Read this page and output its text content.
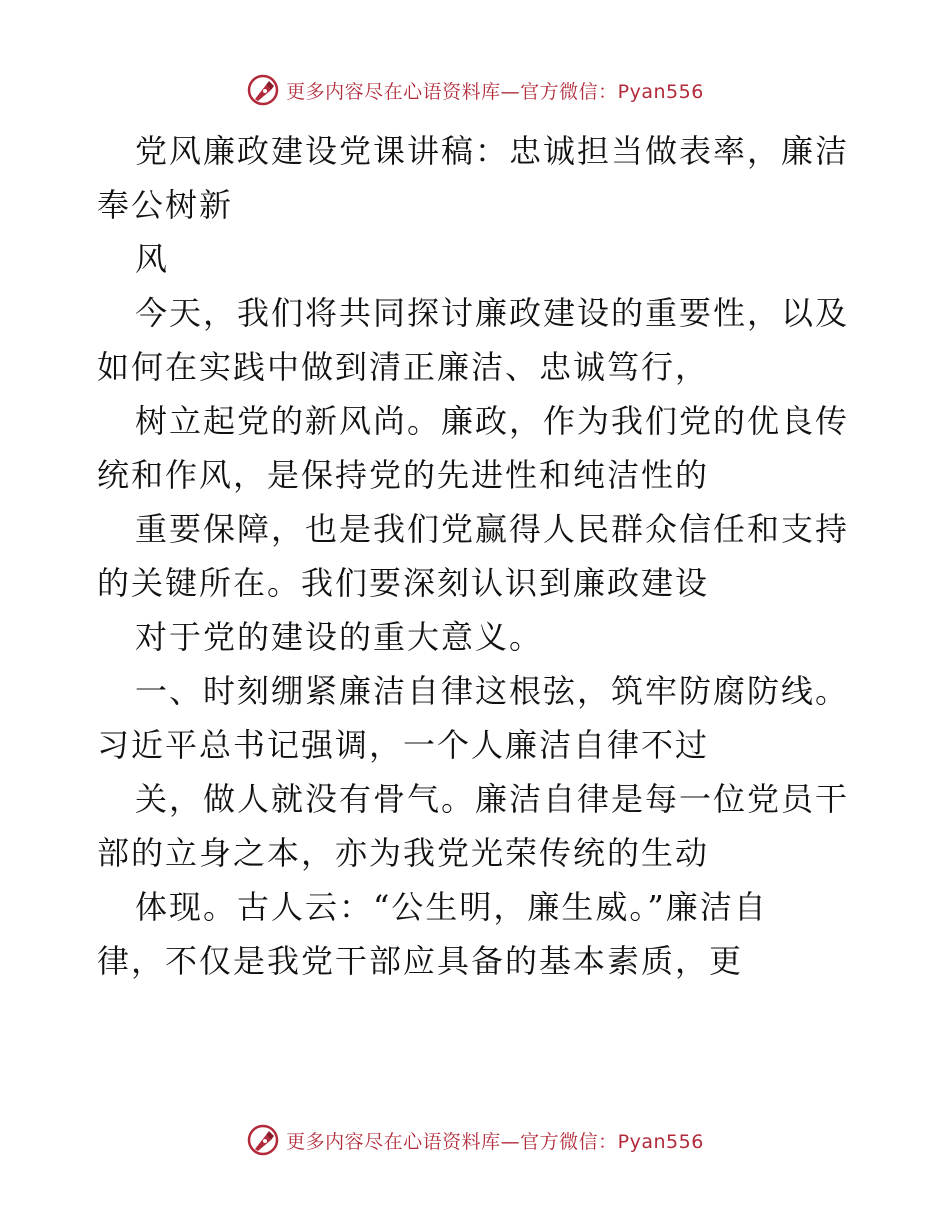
更多内容尽在心语资料库—官方微信：Pyan556
党风廉政建设党课讲稿：忠诚担当做表率，廉洁
奉公树新
风
今天，我们将共同探讨廉政建设的重要性，以及
如何在实践中做到清正廉洁、忠诚笃行，
树立起党的新风尚。廉政，作为我们党的优良传
统和作风，是保持党的先进性和纯洁性的
重要保障，也是我们党赢得人民群众信任和支持
的关键所在。我们要深刻认识到廉政建设
对于党的建设的重大意义。
一、时刻绷紧廉洁自律这根弦，筑牢防腐防线。
习近平总书记强调，一个人廉洁自律不过
关，做人就没有骨气。廉洁自律是每一位党员干
部的立身之本，亦为我党光荣传统的生动
体现。古人云：“公生明，廉生威。”廉洁自
律，不仅是我党干部应具备的基本素质，更
更多内容尽在心语资料库—官方微信：Pyan556
